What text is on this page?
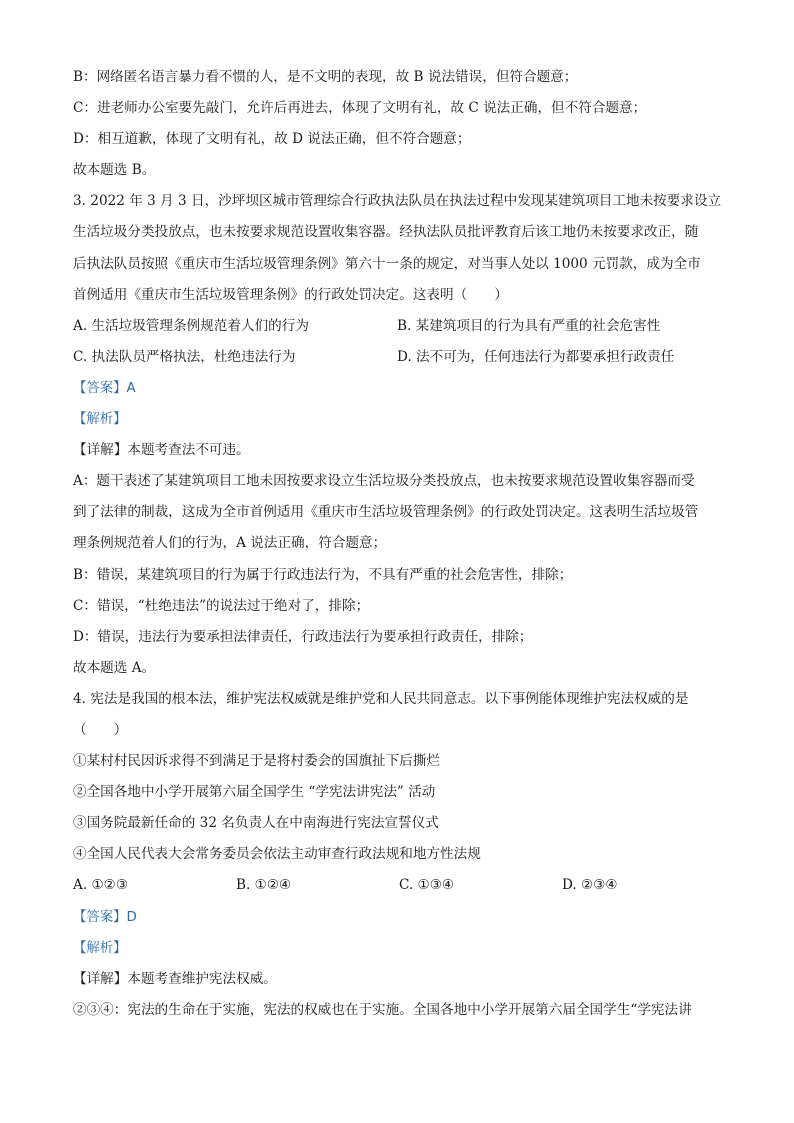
B：网络匿名语言暴力看不惯的人，是不文明的表现，故 B 说法错误，但符合题意；
C：进老师办公室要先敲门，允许后再进去，体现了文明有礼，故 C 说法正确，但不符合题意；
D：相互道歉，体现了文明有礼，故 D 说法正确，但不符合题意；
故本题选 B。
3. 2022 年 3 月 3 日，沙坪坝区城市管理综合行政执法队员在执法过程中发现某建筑项目工地未按要求设立
生活垃圾分类投放点，也未按要求规范设置收集容器。经执法队员批评教育后该工地仍未按要求改正，随
后执法队员按照《重庆市生活垃圾管理条例》第六十一条的规定，对当事人处以 1000 元罚款，成为全市
首例适用《重庆市生活垃圾管理条例》的行政处罚决定。这表明（　　）
A. 生活垃圾管理条例规范着人们的行为	B. 某建筑项目的行为具有严重的社会危害性
C. 执法队员严格执法，杜绝违法行为	D. 法不可为，任何违法行为都要承担行政责任
【答案】A
【解析】
【详解】本题考查法不可违。
A：题干表述了某建筑项目工地未因按要求设立生活垃圾分类投放点，也未按要求规范设置收集容器而受
到了法律的制裁，这成为全市首例适用《重庆市生活垃圾管理条例》的行政处罚决定。这表明生活垃圾管
理条例规范着人们的行为，A 说法正确，符合题意；
B：错误，某建筑项目的行为属于行政违法行为，不具有严重的社会危害性，排除；
C：错误，“杜绝违法”的说法过于绝对了，排除；
D：错误，违法行为要承担法律责任，行政违法行为要承担行政责任，排除；
故本题选 A。
4. 宪法是我国的根本法，维护宪法权威就是维护党和人民共同意志。以下事例能体现维护宪法权威的是
（　　）
①某村村民因诉求得不到满足于是将村委会的国旗扯下后撕烂
②全国各地中小学开展第六届全国学生 “学宪法讲宪法” 活动
③国务院最新任命的 32 名负责人在中南海进行宪法宣誓仪式
④全国人民代表大会常务委员会依法主动审查行政法规和地方性法规
A. ①②③	B. ①②④	C. ①③④	D. ②③④
【答案】D
【解析】
【详解】本题考查维护宪法权威。
②③④：宪法的生命在于实施，宪法的权威也在于实施。全国各地中小学开展第六届全国学生“学宪法讲
